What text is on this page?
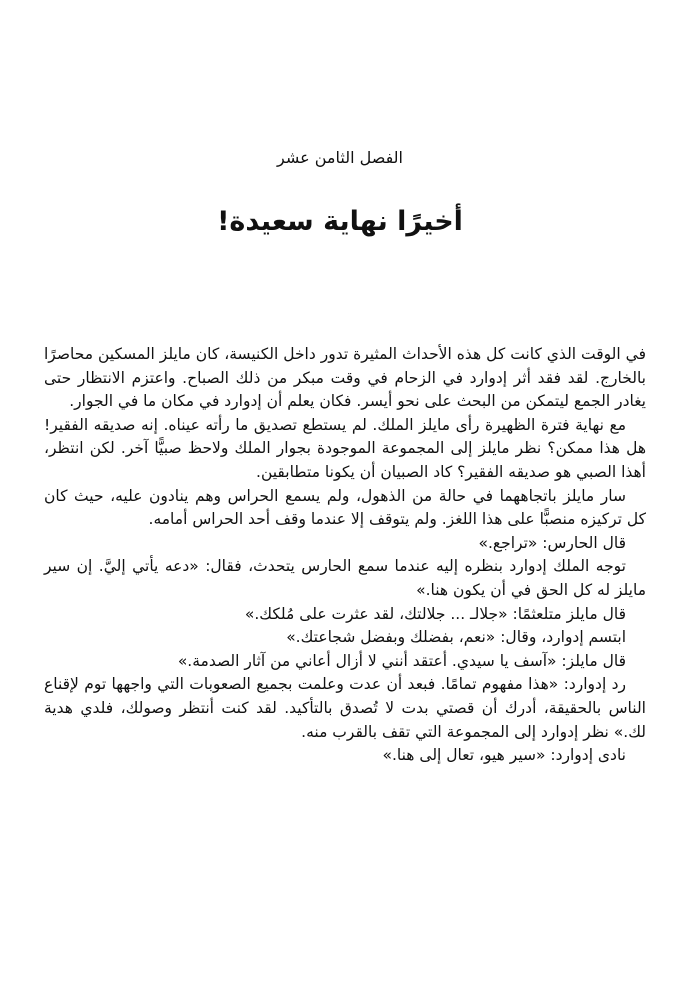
الفصل الثامن عشر
أخيرًا نهاية سعيدة!

في الوقت الذي كانت كل هذه الأحداث المثيرة تدور داخل الكنيسة، كان مايلز المسكين محاصرًا بالخارج. لقد فقد أثر إدوارد في الزحام في وقت مبكر من ذلك الصباح. واعتزم الانتظار حتى يغادر الجمع ليتمكن من البحث على نحو أيسر. فكان يعلم أن إدوارد في مكان ما في الجوار.

مع نهاية فترة الظهيرة رأى مايلز الملك. لم يستطع تصديق ما رأته عيناه. إنه صديقه الفقير! هل هذا ممكن؟ نظر مايلز إلى المجموعة الموجودة بجوار الملك ولاحظ صبيًّا آخر. لكن انتظر، أهذا الصبي هو صديقه الفقير؟ كاد الصبيان أن يكونا متطابقين.

سار مايلز باتجاههما في حالة من الذهول، ولم يسمع الحراس وهم ينادون عليه، حيث كان كل تركيزه منصبًّا على هذا اللغز. ولم يتوقف إلا عندما وقف أحد الحراس أمامه.

قال الحارس: «تراجع.»

توجه الملك إدوارد بنظره إليه عندما سمع الحارس يتحدث، فقال: «دعه يأتي إليَّ. إن سير مايلز له كل الحق في أن يكون هنا.»

قال مايلز متلعثمًا: «جلالـ ... جلالتك، لقد عثرت على مُلكك.»

ابتسم إدوارد، وقال: «نعم، بفضلك وبفضل شجاعتك.»

قال مايلز: «آسف يا سيدي. أعتقد أنني لا أزال أعاني من آثار الصدمة.»

رد إدوارد: «هذا مفهوم تمامًا. فبعد أن عدت وعلمت بجميع الصعوبات التي واجهها توم لإقناع الناس بالحقيقة، أدرك أن قصتي بدت لا تُصدق بالتأكيد. لقد كنت أنتظر وصولك، فلدي هدية لك.» نظر إدوارد إلى المجموعة التي تقف بالقرب منه.

نادى إدوارد: «سير هيو، تعال إلى هنا.»
